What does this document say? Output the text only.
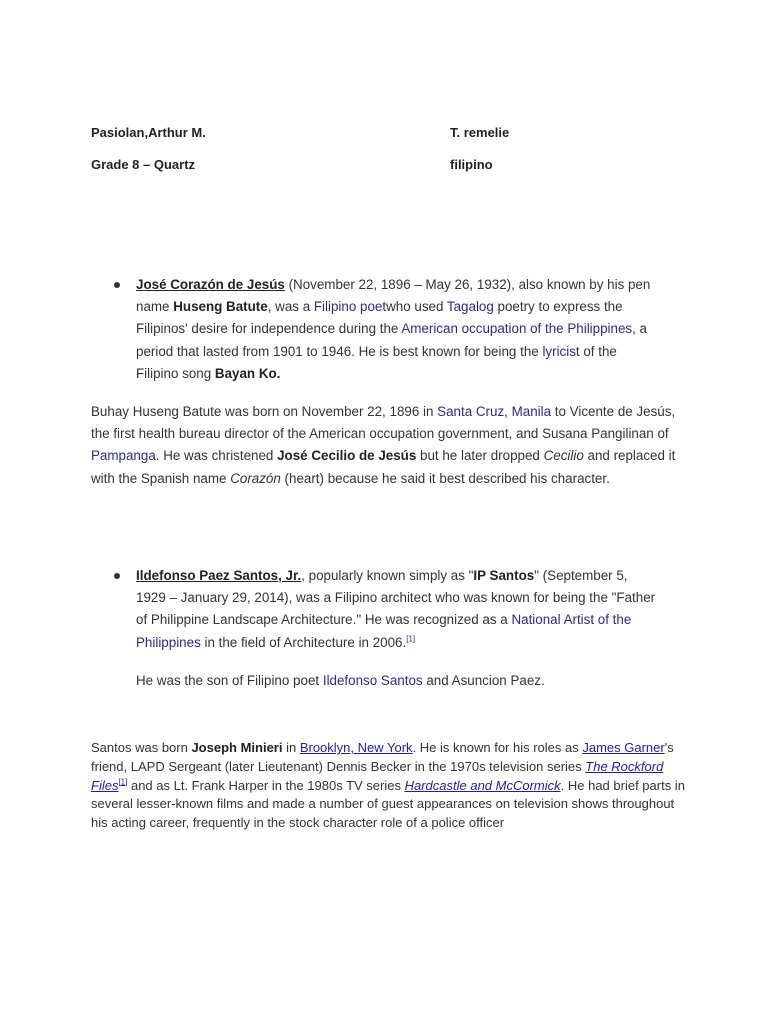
Pasiolan,Arthur M.	T. remelie
Grade 8 – Quartz	filipino
José Corazón de Jesús (November 22, 1896 – May 26, 1932), also known by his pen name Huseng Batute, was a Filipino poetwho used Tagalog poetry to express the Filipinos' desire for independence during the American occupation of the Philippines, a period that lasted from 1901 to 1946. He is best known for being the lyricist of the Filipino song Bayan Ko.
Buhay Huseng Batute was born on November 22, 1896 in Santa Cruz, Manila to Vicente de Jesús, the first health bureau director of the American occupation government, and Susana Pangilinan of Pampanga. He was christened José Cecilio de Jesús but he later dropped Cecilio and replaced it with the Spanish name Corazón (heart) because he said it best described his character.
Ildefonso Paez Santos, Jr., popularly known simply as "IP Santos" (September 5, 1929 – January 29, 2014), was a Filipino architect who was known for being the "Father of Philippine Landscape Architecture." He was recognized as a National Artist of the Philippines in the field of Architecture in 2006.[1]
He was the son of Filipino poet Ildefonso Santos and Asuncion Paez.
Santos was born Joseph Minieri in Brooklyn, New York. He is known for his roles as James Garner's friend, LAPD Sergeant (later Lieutenant) Dennis Becker in the 1970s television series The Rockford Files[1] and as Lt. Frank Harper in the 1980s TV series Hardcastle and McCormick. He had brief parts in several lesser-known films and made a number of guest appearances on television shows throughout his acting career, frequently in the stock character role of a police officer
